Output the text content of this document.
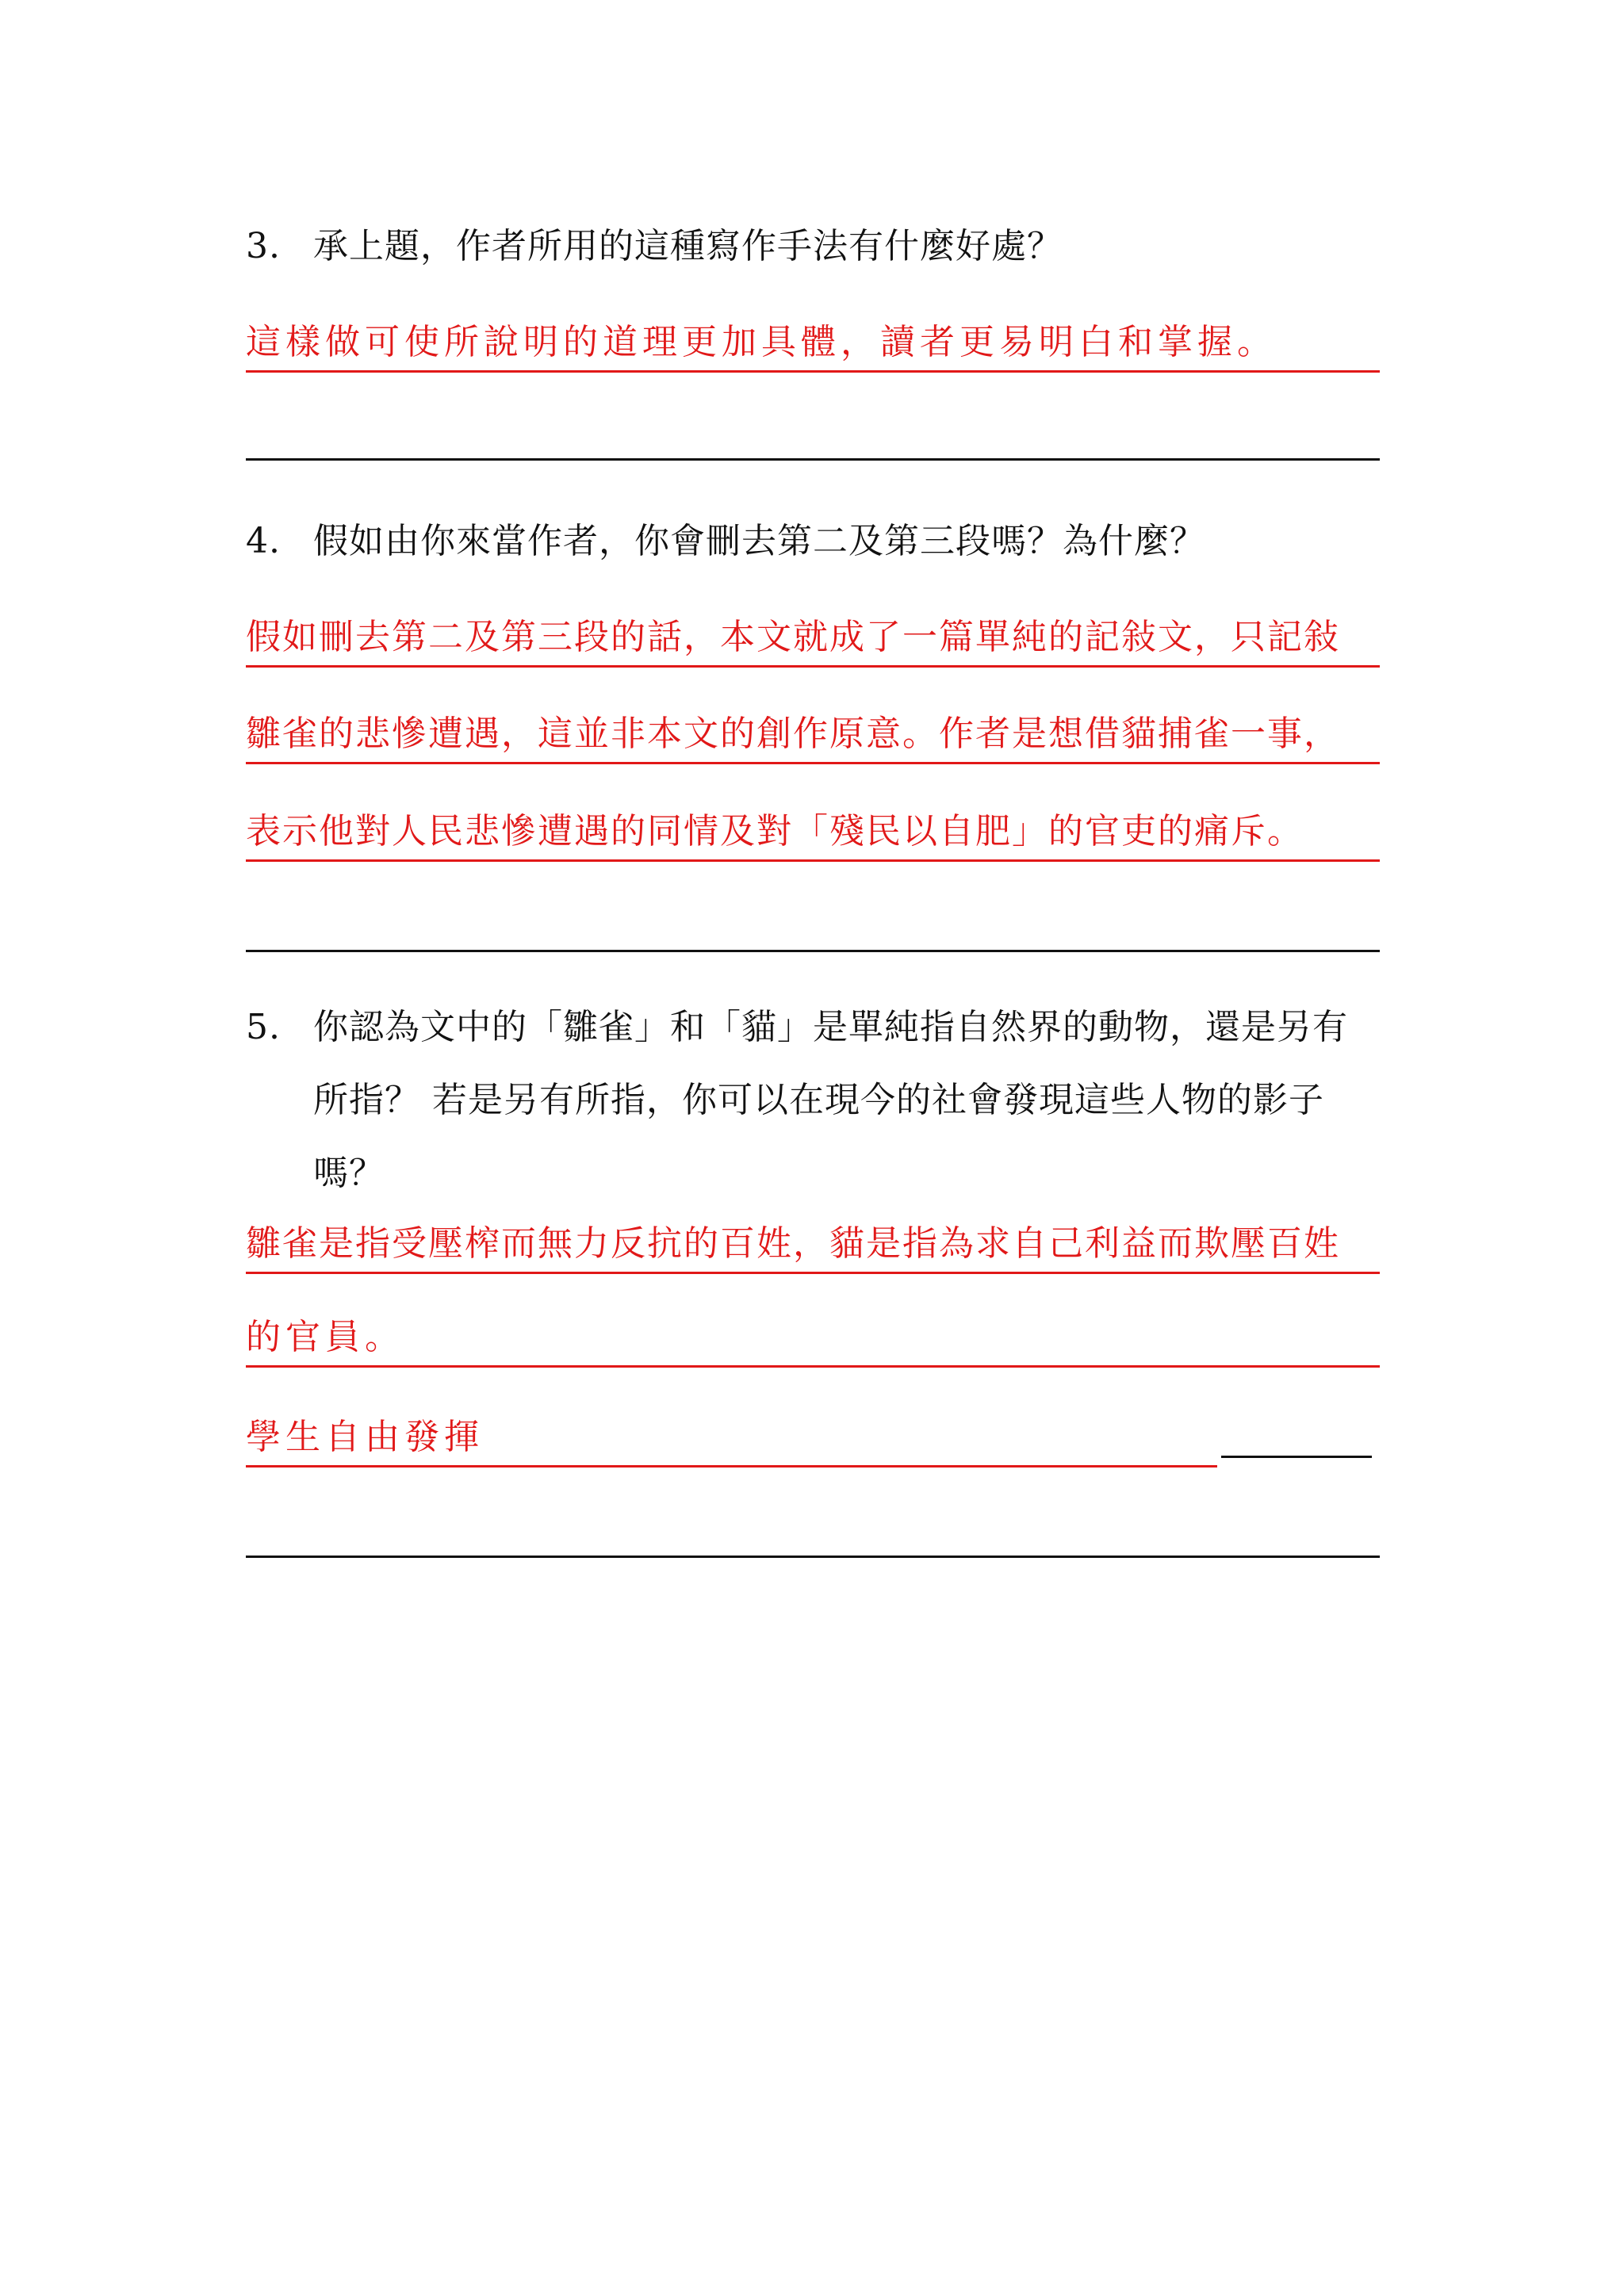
3. 承上題，作者所用的這種寫作手法有什麼好處？
這樣做可使所說明的道理更加具體，讀者更易明白和掌握。
4. 假如由你來當作者，你會刪去第二及第三段嗎？為什麼？
假如刪去第二及第三段的話，本文就成了一篇單純的記敍文，只記敍
雛雀的悲慘遭遇，這並非本文的創作原意。作者是想借貓捕雀一事，
表示他對人民悲慘遭遇的同情及對「殘民以自肥」的官吏的痛斥。
5. 你認為文中的「雛雀」和「貓」是單純指自然界的動物，還是另有所指？ 若是另有所指，你可以在現今的社會發現這些人物的影子嗎？
雛雀是指受壓榨而無力反抗的百姓，貓是指為求自己利益而欺壓百姓
的官員。
學生自由發揮
